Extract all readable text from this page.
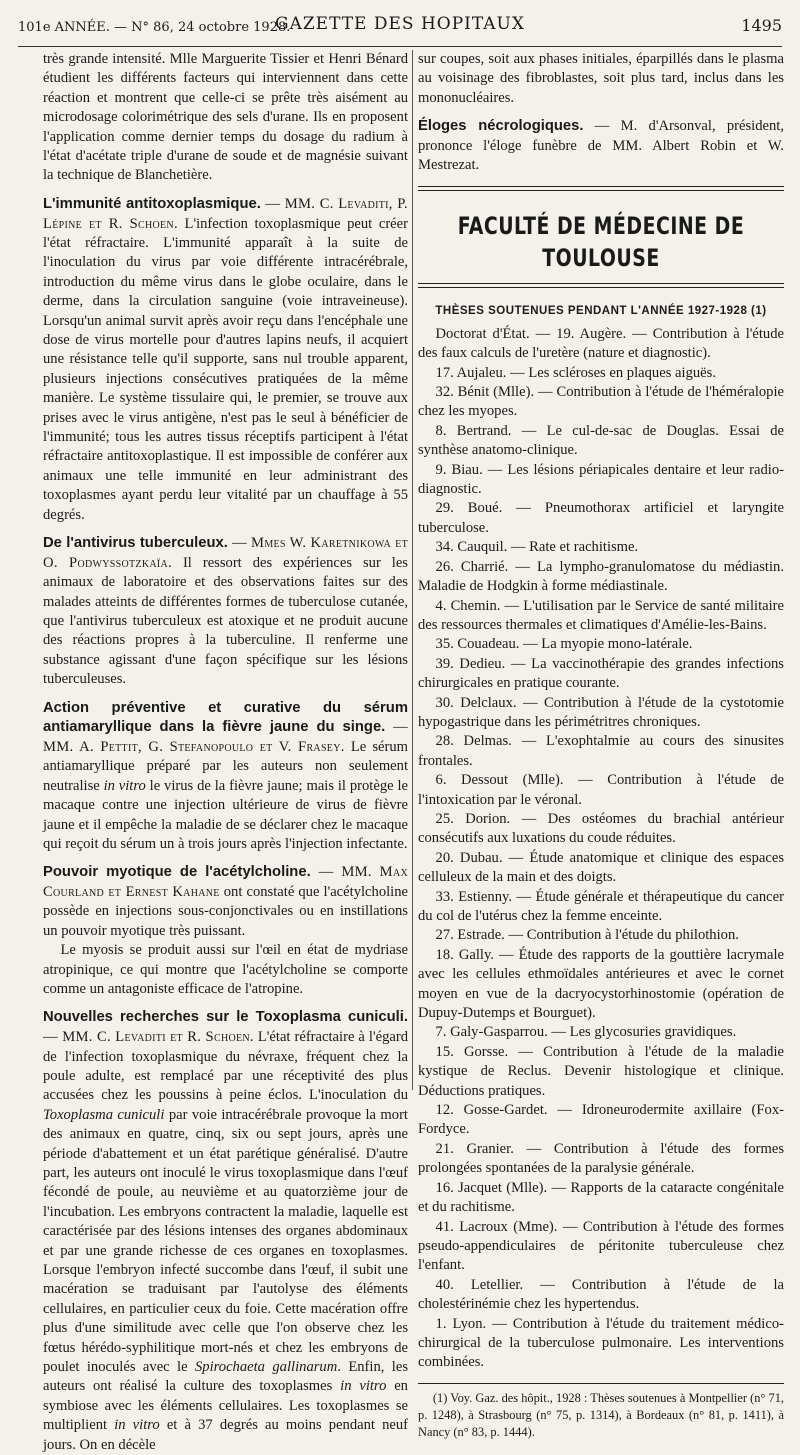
101e ANNÉE. — N° 86, 24 octobre 1928.
GAZETTE DES HOPITAUX	1495

très grande intensité. Mlle Marguerite Tissier et Henri Bénard étudient les différents facteurs qui interviennent dans cette réaction et montrent que celle-ci se prête très aisément au microdosage colorimétrique des sels d'urane. Ils en proposent l'application comme dernier temps du dosage du radium à l'état d'acétate triple d'urane de soude et de magnésie suivant la technique de Blanchetière.

L'immunité antitoxoplasmique. — MM. C. Levaditi, P. Lépine et R. Schoen. L'infection toxoplasmique peut créer l'état réfractaire. L'immunité apparaît à la suite de l'inoculation du virus par voie différente intracérébrale, introduction du même virus dans le globe oculaire, dans le derme, dans la circulation sanguine (voie intraveineuse). Lorsqu'un animal survit après avoir reçu dans l'encéphale une dose de virus mortelle pour d'autres lapins neufs, il acquiert une résistance telle qu'il supporte, sans nul trouble apparent, plusieurs injections consécutives pratiquées de la même manière. Le système tissulaire qui, le premier, se trouve aux prises avec le virus antigène, n'est pas le seul à bénéficier de l'immunité; tous les autres tissus réceptifs participent à l'état réfractaire antitoxoplastique. Il est impossible de conférer aux animaux une telle immunité en leur administrant des toxoplasmes ayant perdu leur vitalité par un chauffage à 55 degrés.

De l'antivirus tuberculeux. — Mmes W. Karetnikowa et O. Podwyssotzkaïa. Il ressort des expériences sur les animaux de laboratoire et des observations faites sur des malades atteints de différentes formes de tuberculose cutanée, que l'antivirus tuberculeux est atoxique et ne produit aucune des réactions propres à la tuberculine. Il renferme une substance agissant d'une façon spécifique sur les lésions tuberculeuses.

Action préventive et curative du sérum antiamaryllique dans la fièvre jaune du singe. — MM. A. Pettit, G. Stefanopoulo et V. Frasey. Le sérum antiamaryllique préparé par les auteurs non seulement neutralise in vitro le virus de la fièvre jaune; mais il protège le macaque contre une injection ultérieure de virus de fièvre jaune et il empêche la maladie de se déclarer chez le macaque qui reçoit du sérum un à trois jours après l'injection infectante.

Pouvoir myotique de l'acétylcholine. — MM. Max Courland et Ernest Kahane ont constaté que l'acétylcholine possède en injections sous-conjonctivales ou en instillations un pouvoir myotique très puissant.

Le myosis se produit aussi sur l'œil en état de mydriase atropinique, ce qui montre que l'acétylcholine se comporte comme un antagoniste efficace de l'atropine.

Nouvelles recherches sur le Toxoplasma cuniculi. — MM. C. Levaditi et R. Schoen. L'état réfractaire à l'égard de l'infection toxoplasmique du névraxe, fréquent chez la poule adulte, est remplacé par une réceptivité des plus accusées chez les poussins à peine éclos. L'inoculation du Toxoplasma cuniculi par voie intracérébrale provoque la mort des animaux en quatre, cinq, six ou sept jours, après une période d'abattement et un état parétique généralisé. D'autre part, les auteurs ont inoculé le virus toxoplasmique dans l'œuf fécondé de poule, au neuvième et au quatorzième jour de l'incubation. Les embryons contractent la maladie, laquelle est caractérisée par des lésions intenses des organes abdominaux et par une grande richesse de ces organes en toxoplasmes. Lorsque l'embryon infecté succombe dans l'œuf, il subit une macération se traduisant par l'autolyse des éléments cellulaires, en particulier ceux du foie. Cette macération offre plus d'une similitude avec celle que l'on observe chez les fœtus hérédo-syphilitique mort-nés et chez les embryons de poulet inoculés avec le Spirochaeta gallinarum. Enfin, les auteurs ont réalisé la culture des toxoplasmes in vitro en symbiose avec les éléments cellulaires. Les toxoplasmes se multiplient in vitro et à 37 degrés au moins pendant neuf jours. On en décèle

sur coupes, soit aux phases initiales, éparpillés dans le plasma au voisinage des fibroblastes, soit plus tard, inclus dans les mononucléaires.

Éloges nécrologiques. — M. d'Arsonval, président, prononce l'éloge funèbre de MM. Albert Robin et W. Mestrezat.

FACULTÉ DE MÉDECINE DE TOULOUSE
THÈSES SOUTENUES PENDANT L'ANNÉE 1927-1928 (1)

Doctorat d'État. — 19. Augère. — Contribution à l'étude des faux calculs de l'uretère (nature et diagnostic).

17. Aujaleu. — Les scléroses en plaques aiguës.

32. Bénit (Mlle). — Contribution à l'étude de l'héméralopie chez les myopes.

8. Bertrand. — Le cul-de-sac de Douglas. Essai de synthèse anatomo-clinique.

9. Biau. — Les lésions périapicales dentaire et leur radio-diagnostic.

29. Boué. — Pneumothorax artificiel et laryngite tuberculose.

34. Cauquil. — Rate et rachitisme.

26. Charrié. — La lympho-granulomatose du médiastin. Maladie de Hodgkin à forme médiastinale.

4. Chemin. — L'utilisation par le Service de santé militaire des ressources thermales et climatiques d'Amélie-les-Bains.

35. Couadeau. — La myopie mono-latérale.

39. Dedieu. — La vaccinothérapie des grandes infections chirurgicales en pratique courante.

30. Delclaux. — Contribution à l'étude de la cystotomie hypogastrique dans les périmétritres chroniques.

28. Delmas. — L'exophtalmie au cours des sinusites frontales.

6. Dessout (Mlle). — Contribution à l'étude de l'intoxication par le véronal.

25. Dorion. — Des ostéomes du brachial antérieur consécutifs aux luxations du coude réduites.

20. Dubau. — Étude anatomique et clinique des espaces celluleux de la main et des doigts.

33. Estienny. — Étude générale et thérapeutique du cancer du col de l'utérus chez la femme enceinte.

27. Estrade. — Contribution à l'étude du philothion.

18. Gally. — Étude des rapports de la gouttière lacrymale avec les cellules ethmoïdales antérieures et avec le cornet moyen en vue de la dacryocystorhinostomie (opération de Dupuy-Dutemps et Bourguet).

7. Galy-Gasparrou. — Les glycosuries gravidiques.

15. Gorsse. — Contribution à l'étude de la maladie kystique de Reclus. Devenir histologique et clinique. Déductions pratiques.

12. Gosse-Gardet. — Idroneurodermite axillaire (Fox-Fordyce.

21. Granier. — Contribution à l'étude des formes prolongées spontanées de la paralysie générale.

16. Jacquet (Mlle). — Rapports de la cataracte congénitale et du rachitisme.

41. Lacroux (Mme). — Contribution à l'étude des formes pseudo-appendiculaires de péritonite tuberculeuse chez l'enfant.

40. Letellier. — Contribution à l'étude de la cholestérinémie chez les hypertendus.

1. Lyon. — Contribution à l'étude du traitement médico-chirurgical de la tuberculose pulmonaire. Les interventions combinées.

(1) Voy. Gaz. des hôpit., 1928 : Thèses soutenues à Montpellier (n° 71, p. 1248), à Strasbourg (n° 75, p. 1314), à Bordeaux (n° 81, p. 1411), à Nancy (n° 83, p. 1444).
